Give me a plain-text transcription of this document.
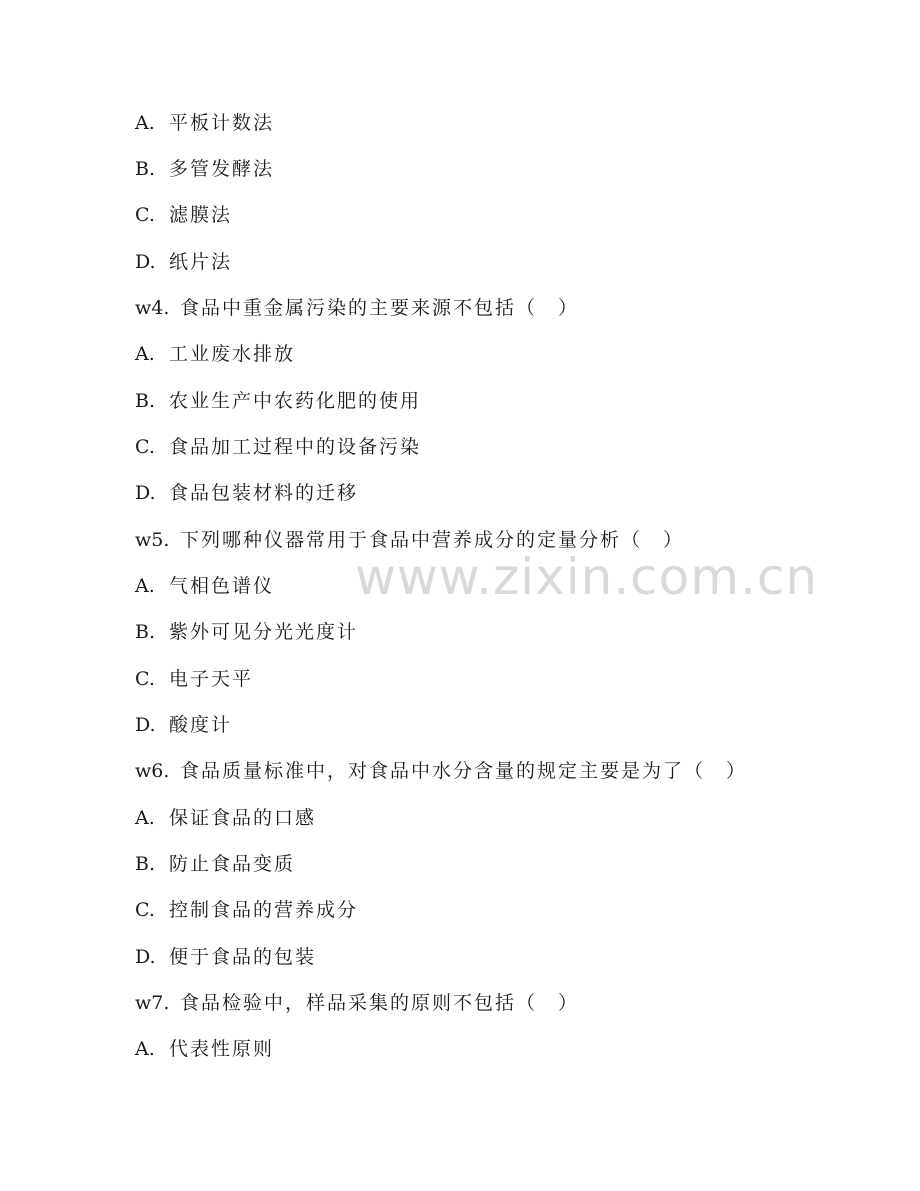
A. 平板计数法
B. 多管发酵法
C. 滤膜法
D. 纸片法
w4. 食品中重金属污染的主要来源不包括（　）
A. 工业废水排放
B. 农业生产中农药化肥的使用
C. 食品加工过程中的设备污染
D. 食品包装材料的迁移
w5. 下列哪种仪器常用于食品中营养成分的定量分析（　）
A. 气相色谱仪
B. 紫外可见分光光度计
C. 电子天平
D. 酸度计
w6. 食品质量标准中，对食品中水分含量的规定主要是为了（　）
A. 保证食品的口感
B. 防止食品变质
C. 控制食品的营养成分
D. 便于食品的包装
w7. 食品检验中，样品采集的原则不包括（　）
A. 代表性原则
www.zixin.com.cn
